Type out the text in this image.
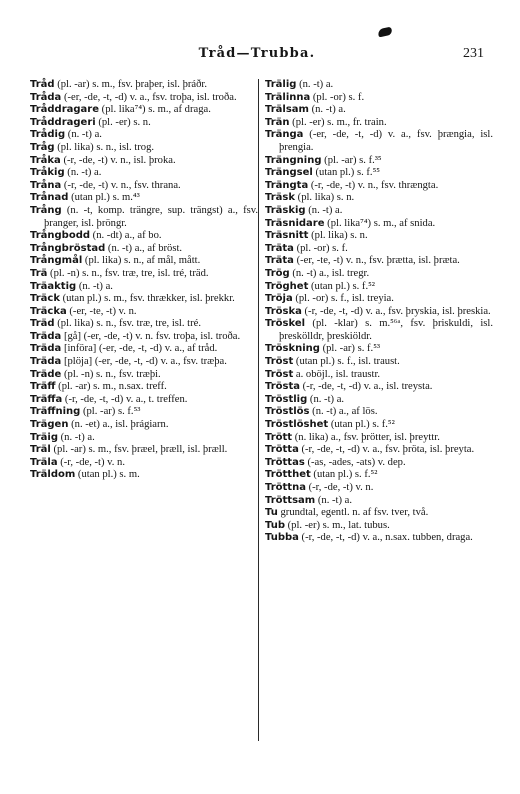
Tråd—Trubba.	231
Tråd (pl. -ar) s. m., fsv. þraþer, isl. þráðr.
Tråda (-er, -de, -t, -d) v. a., fsv. troþa, isl. troða.
Tråddragare (pl. lika⁷⁴) s. m., af draga.
Tråddrageri (pl. -er) s. n.
Trådig (n. -t) a.
Tråg (pl. lika) s. n., isl. trog.
Tråka (-r, -de, -t) v. n., isl. þroka.
Tråkig (n. -t) a.
Tråna (-r, -de, -t) v. n., fsv. thrana.
Trånad (utan pl.) s. m.⁴³
Trång (n. -t, komp. trängre, sup. trängst) a., fsv. þranger, isl. þröngr.
Trångbodd (n. -dt) a., af bo.
Trångbröstad (n. -t) a., af bröst.
Trångmål (pl. lika) s. n., af mål, mått.
Trä (pl. -n) s. n., fsv. træ, tre, isl. tré, träd.
Träaktig (n. -t) a.
Träck (utan pl.) s. m., fsv. thrækker, isl. þrekkr.
Träcka (-er, -te, -t) v. n.
Träd (pl. lika) s. n., fsv. træ, tre, isl. tré.
Träda [gå] (-er, -de, -t) v. n. fsv. troþa, isl. troða.
Träda [införa] (-er, -de, -t, -d) v. a., af tråd.
Träda [plöja] (-er, -de, -t, -d) v. a., fsv. træþa.
Träde (pl. -n) s. n., fsv. træþi.
Träff (pl. -ar) s. m., n.sax. treff.
Träffa (-r, -de, -t, -d) v. a., t. treffen.
Träffning (pl. -ar) s. f.⁵³
Trägen (n. -et) a., isl. þrágiarn.
Träig (n. -t) a.
Träl (pl. -ar) s. m., fsv. þræel, þræll, isl. þræll.
Träla (-r, -de, -t) v. n.
Träldom (utan pl.) s. m.
Trälig (n. -t) a.
Trälinna (pl. -or) s. f.
Trälsam (n. -t) a.
Trän (pl. -er) s. m., fr. train.
Tränga (-er, -de, -t, -d) v. a., fsv. þrængia, isl. þrengia.
Trängning (pl. -ar) s. f.³⁵
Trängsel (utan pl.) s. f.⁵⁵
Trängta (-r, -de, -t) v. n., fsv. thrængta.
Träsk (pl. lika) s. n.
Träskig (n. -t) a.
Träsnidare (pl. lika⁷⁴) s. m., af snida.
Träsnitt (pl. lika) s. n.
Träta (pl. -or) s. f.
Träta (-er, -te, -t) v. n., fsv. þrætta, isl. þræta.
Trög (n. -t) a., isl. tregr.
Tröghet (utan pl.) s. f.⁵²
Tröja (pl. -or) s. f., isl. treyia.
Tröska (-r, -de, -t, -d) v. a., fsv. þryskia, isl. þreskia.
Tröskel (pl. -klar) s. m.⁵⁶ᵃ, fsv. þriskuldi, isl. þreskölldr, þreskiöldr.
Tröskning (pl. -ar) s. f.⁵³
Tröst (utan pl.) s. f., isl. traust.
Tröst a. oböjl., isl. traustr.
Trösta (-r, -de, -t, -d) v. a., isl. treysta.
Tröstlig (n. -t) a.
Tröstlös (n. -t) a., af lös.
Tröstlöshet (utan pl.) s. f.⁵²
Trött (n. lika) a., fsv. þrötter, isl. þreyttr.
Trötta (-r, -de, -t, -d) v. a., fsv. þröta, isl. þreyta.
Tröttas (-as, -ades, -ats) v. dep.
Trötthet (utan pl.) s. f.⁵²
Tröttna (-r, -de, -t) v. n.
Tröttsam (n. -t) a.
Tu grundtal, egentl. n. af fsv. tver, två.
Tub (pl. -er) s. m., lat. tubus.
Tubba (-r, -de, -t, -d) v. a., n.sax. tubben, draga.
